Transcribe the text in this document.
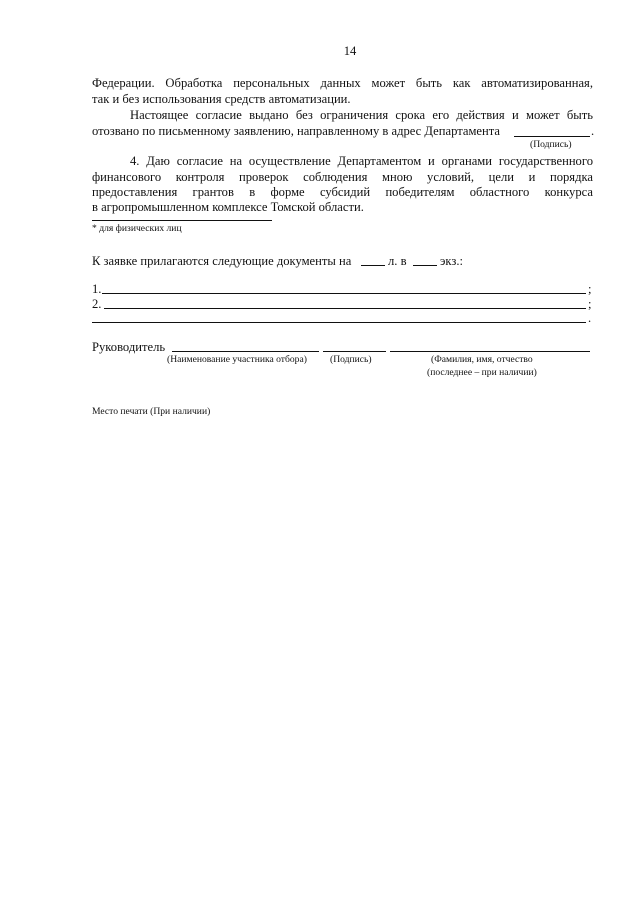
14
Федерации. Обработка персональных данных может быть как автоматизированная,
так и без использования средств автоматизации.
Настоящее согласие выдано без ограничения срока его действия и может быть
отозвано по письменному заявлению, направленному в адрес Департамента	.
(Подпись)
4. Даю согласие на осуществление Департаментом и органами государственного
финансового контроля проверок соблюдения мною условий, цели и порядка
предоставления грантов в форме субсидий победителям областного конкурса
в агропромышленном комплексе Томской области.
* для физических лиц
К заявке прилагаются следующие документы на	л. в	экз.:
1.	;
2.	;
.
Руководитель
(Наименование участника отбора) (Подпись)	(Фамилия, имя, отчество
(последнее – при наличии)
Место печати (При наличии)
